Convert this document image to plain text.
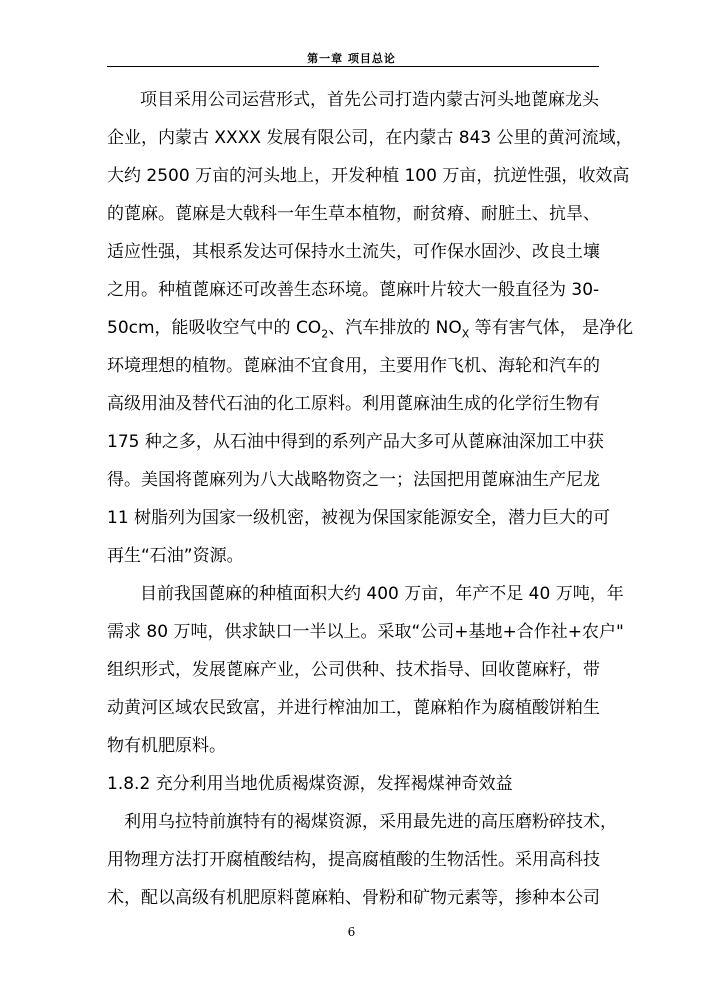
第一章 项目总论
项目采用公司运营形式，首先公司打造内蒙古河头地蓖麻龙头
企业，内蒙古 XXXX 发展有限公司，在内蒙古 843 公里的黄河流域，
大约 2500 万亩的河头地上，开发种植 100 万亩，抗逆性强，收效高
的蓖麻。蓖麻是大戟科一年生草本植物，耐贫瘠、耐脏土、抗旱、
适应性强，其根系发达可保持水土流失，可作保水固沙、改良土壤
之用。种植蓖麻还可改善生态环境。蓖麻叶片较大一般直径为 30-
50cm，能吸收空气中的 $CO_2$、汽车排放的 $NO_X$ 等有害气体， 是净化
环境理想的植物。蓖麻油不宜食用，主要用作飞机、海轮和汽车的
高级用油及替代石油的化工原料。利用蓖麻油生成的化学衍生物有
175 种之多，从石油中得到的系列产品大多可从蓖麻油深加工中获
得。美国将蓖麻列为八大战略物资之一；法国把用蓖麻油生产尼龙
11 树脂列为国家一级机密，被视为保国家能源安全，潜力巨大的可
再生“石油”资源。
目前我国蓖麻的种植面积大约 400 万亩，年产不足 40 万吨，年
需求 80 万吨，供求缺口一半以上。采取“公司+基地+合作社+农户"
组织形式，发展蓖麻产业，公司供种、技术指导、回收蓖麻籽，带
动黄河区域农民致富，并进行榨油加工，蓖麻粕作为腐植酸饼粕生
物有机肥原料。
1.8.2 充分利用当地优质褐煤资源，发挥褐煤神奇效益
利用乌拉特前旗特有的褐煤资源，采用最先进的高压磨粉碎技术，
用物理方法打开腐植酸结构，提高腐植酸的生物活性。采用高科技
术，配以高级有机肥原料蓖麻粕、骨粉和矿物元素等，掺种本公司
6
